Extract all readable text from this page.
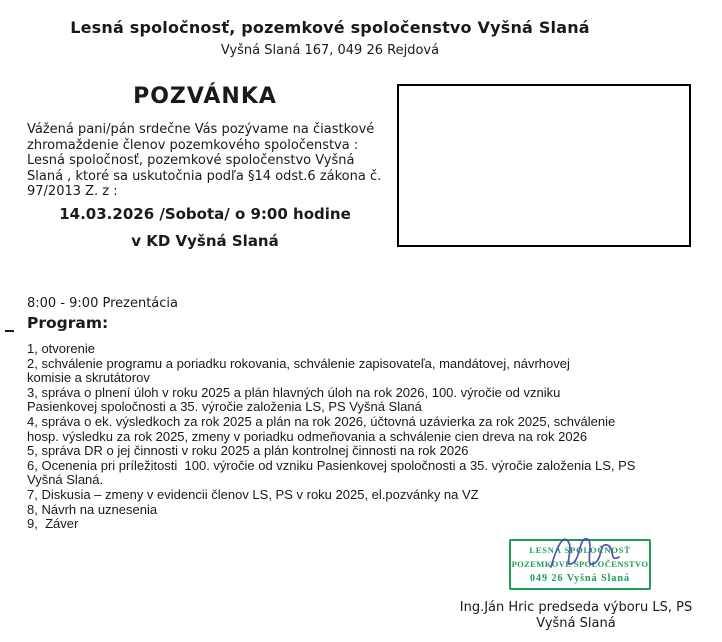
Lesná spoločnosť, pozemkové spoločenstvo Vyšná Slaná
Vyšná Slaná 167, 049 26 Rejdová
POZVÁNKA
Vážená pani/pán srdečne Vás pozývame na čiastkové
zhromaždenie členov pozemkového spoločenstva :
Lesná spoločnosť, pozemkové spoločenstvo Vyšná
Slaná , ktoré sa uskutočnia podľa §14 odst.6 zákona č.
97/2013 Z. z :
14.03.2026 /Sobota/ o 9:00 hodine
v KD Vyšná Slaná
8:00 - 9:00 Prezentácia
Program:
1, otvorenie
2, schválenie programu a poriadku rokovania, schválenie zapisovateľa, mandátovej, návrhovej
komisie a skrutátorov
3, správa o plnení úloh v roku 2025 a plán hlavných úloh na rok 2026, 100. výročie od vzniku
Pasienkovej spoločnosti a 35. výročie založenia LS, PS Vyšná Slaná
4, správa o ek. výsledkoch za rok 2025 a plán na rok 2026, účtovná uzávierka za rok 2025, schválenie
hosp. výsledku za rok 2025, zmeny v poriadku odmeňovania a schválenie cien dreva na rok 2026
5, správa DR o jej činnosti v roku 2025 a plán kontrolnej činnosti na rok 2026
6, Ocenenia pri príležitosti  100. výročie od vzniku Pasienkovej spoločnosti a 35. výročie založenia LS, PS
Vyšná Slaná.
7, Diskusia – zmeny v evidencii členov LS, PS v roku 2025, el.pozvánky na VZ
8, Návrh na uznesenia
9,  Záver
LESNÁ SPOLOČNOSŤ
POZEMKOVÉ SPOLOČENSTVO
049 26 Vyšná Slaná
Ing.Ján Hric predseda výboru LS, PS
Vyšná Slaná
